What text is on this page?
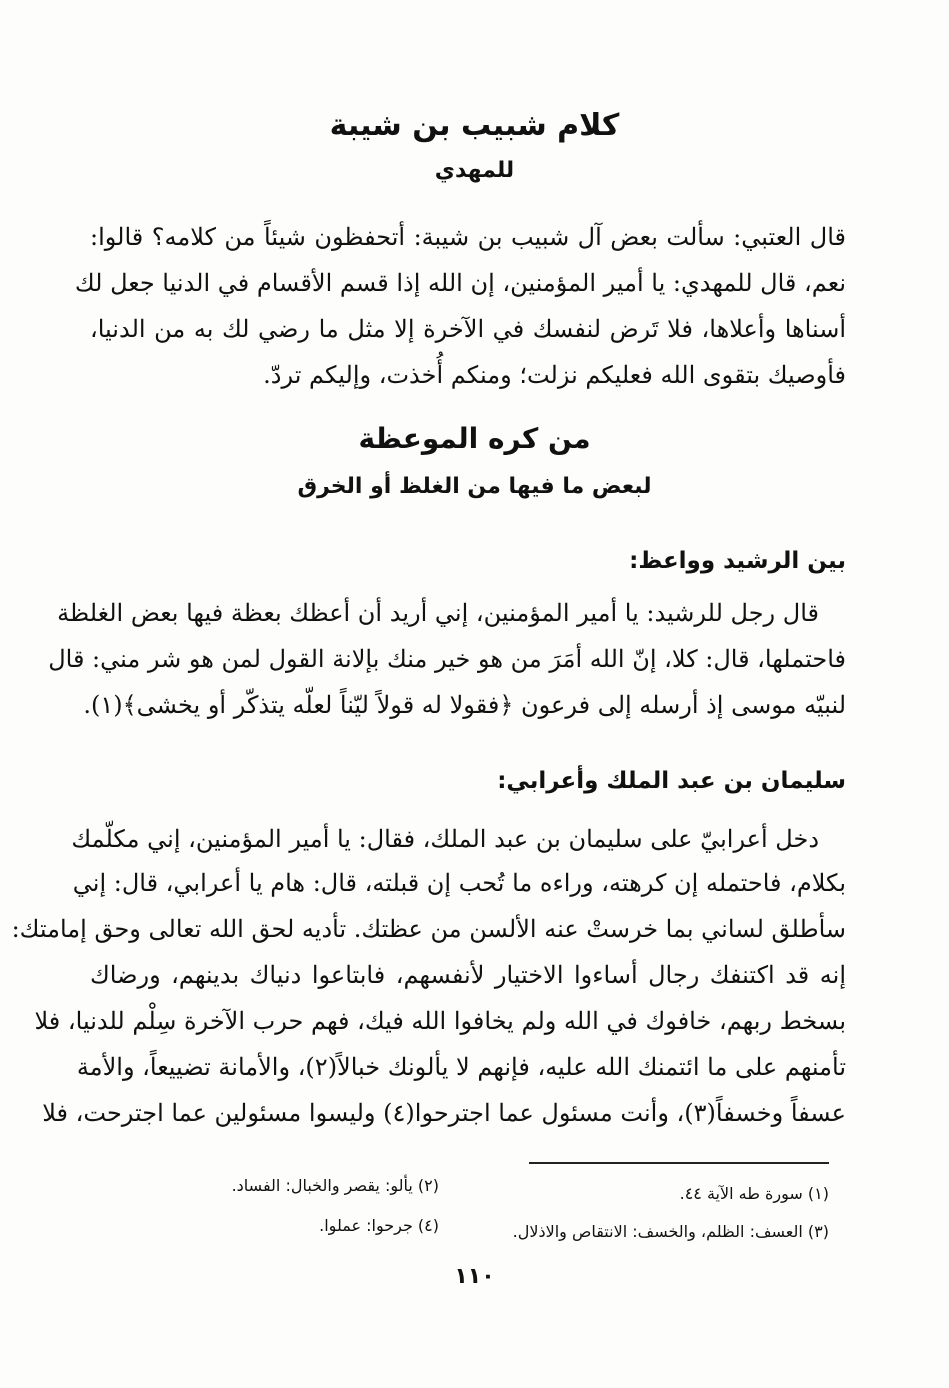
كلام شبيب بن شيبة
للمهدي
قال العتبي: سألت بعض آل شبيب بن شيبة: أتحفظون شيئاً من كلامه؟ قالوا:
نعم، قال للمهدي: يا أمير المؤمنين، إن الله إذا قسم الأقسام في الدنيا جعل لك
أسناها وأعلاها، فلا تَرض لنفسك في الآخرة إلا مثل ما رضي لك به من الدنيا،
فأوصيك بتقوى الله فعليكم نزلت؛ ومنكم أُخذت، وإليكم تردّ.
من كره الموعظة
لبعض ما فيها من الغلظ أو الخرق
بين الرشيد وواعظ:
قال رجل للرشيد: يا أمير المؤمنين، إني أريد أن أعظك بعظة فيها بعض الغلظة
فاحتملها، قال: كلا، إنّ الله أمَرَ من هو خير منك بإلانة القول لمن هو شر مني: قال
لنبيّه موسى إذ أرسله إلى فرعون ﴿فقولا له قولاً ليّناً لعلّه يتذكّر أو يخشى﴾(١).
سليمان بن عبد الملك وأعرابي:
دخل أعرابيّ على سليمان بن عبد الملك، فقال: يا أمير المؤمنين، إني مكلّمك
بكلام، فاحتمله إن كرهته، وراءه ما تُحب إن قبلته، قال: هام يا أعرابي، قال: إني
سأطلق لساني بما خرستْ عنه الألسن من عظتك. تأديه لحق الله تعالى وحق إمامتك:
إنه قد اكتنفك رجال أساءوا الاختيار لأنفسهم، فابتاعوا دنياك بدينهم، ورضاك
بسخط ربهم، خافوك في الله ولم يخافوا الله فيك، فهم حرب الآخرة سِلْم للدنيا، فلا
تأمنهم على ما ائتمنك الله عليه، فإنهم لا يألونك خبالاً(٢)، والأمانة تضييعاً، والأمة
عسفاً وخسفاً(٣)، وأنت مسئول عما اجترحوا(٤) وليسوا مسئولين عما اجترحت، فلا
(١) سورة طه الآية ٤٤.
(٢) يألو: يقصر والخبال: الفساد.
(٣) العسف: الظلم، والخسف: الانتقاص والاذلال.
(٤) جرحوا: عملوا.
١١٠
